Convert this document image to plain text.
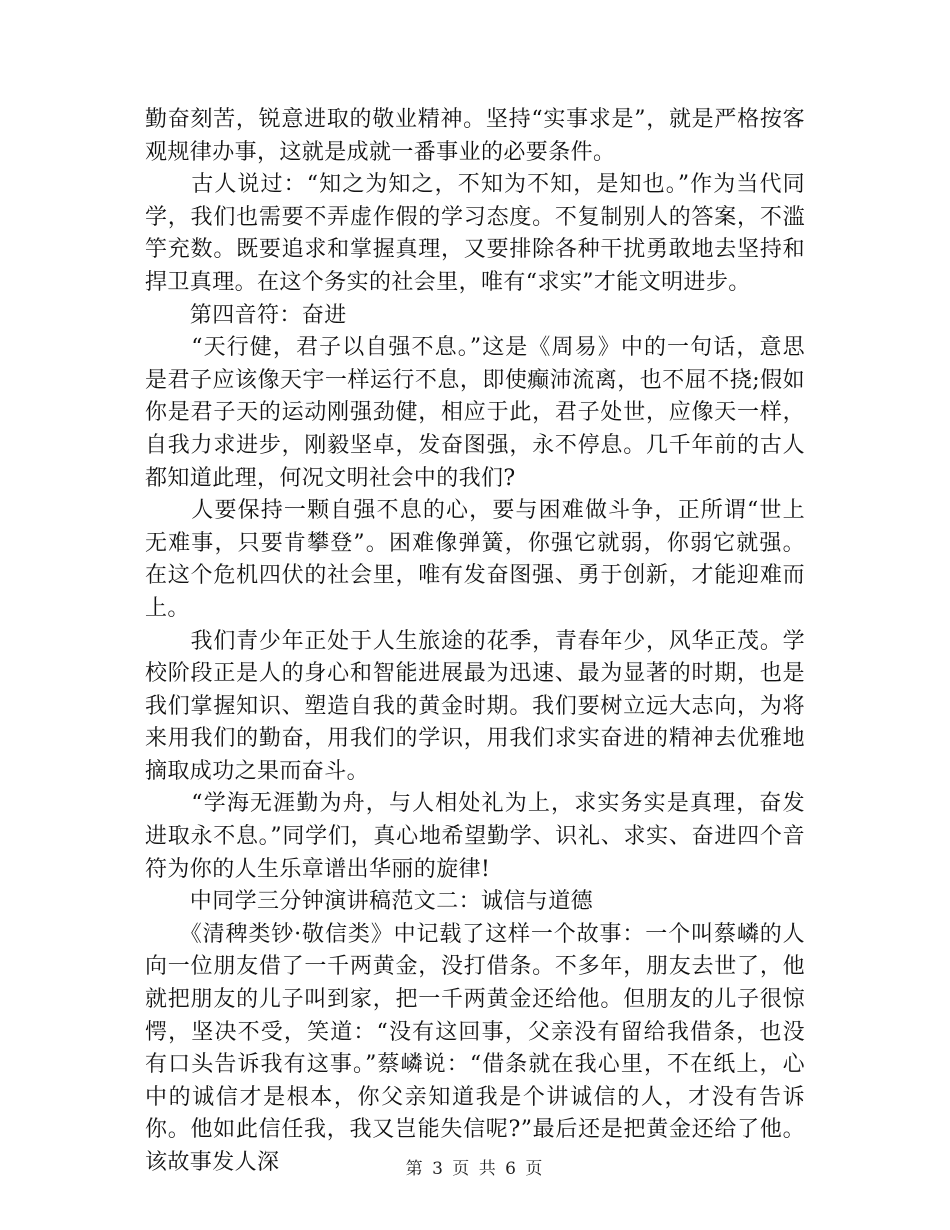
勤奋刻苦，锐意进取的敬业精神。坚持“实事求是”，就是严格按客观规律办事，这就是成就一番事业的必要条件。

　　古人说过：“知之为知之，不知为不知，是知也。”作为当代同学，我们也需要不弄虚作假的学习态度。不复制别人的答案，不滥竽充数。既要追求和掌握真理，又要排除各种干扰勇敢地去坚持和捍卫真理。在这个务实的社会里，唯有“求实”才能文明进步。

　　第四音符：奋进

　　“天行健，君子以自强不息。”这是《周易》中的一句话，意思是君子应该像天宇一样运行不息，即使癫沛流离，也不屈不挠;假如你是君子天的运动刚强劲健，相应于此，君子处世，应像天一样，自我力求进步，刚毅坚卓，发奋图强，永不停息。几千年前的古人都知道此理，何况文明社会中的我们?

　　人要保持一颗自强不息的心，要与困难做斗争，正所谓“世上无难事，只要肯攀登”。困难像弹簧，你强它就弱，你弱它就强。在这个危机四伏的社会里，唯有发奋图强、勇于创新，才能迎难而上。

　　我们青少年正处于人生旅途的花季，青春年少，风华正茂。学校阶段正是人的身心和智能进展最为迅速、最为显著的时期，也是我们掌握知识、塑造自我的黄金时期。我们要树立远大志向，为将来用我们的勤奋，用我们的学识，用我们求实奋进的精神去优雅地摘取成功之果而奋斗。

　　“学海无涯勤为舟，与人相处礼为上，求实务实是真理，奋发进取永不息。”同学们，真心地希望勤学、识礼、求实、奋进四个音符为你的人生乐章谱出华丽的旋律!

　　中同学三分钟演讲稿范文二：诚信与道德

　　《清稗类钞·敬信类》中记载了这样一个故事：一个叫蔡嶙的人向一位朋友借了一千两黄金，没打借条。不多年，朋友去世了，他就把朋友的儿子叫到家，把一千两黄金还给他。但朋友的儿子很惊愕，坚决不受，笑道：“没有这回事，父亲没有留给我借条，也没有口头告诉我有这事。”蔡嶙说：“借条就在我心里，不在纸上，心中的诚信才是根本，你父亲知道我是个讲诚信的人，才没有告诉你。他如此信任我，我又岂能失信呢?”最后还是把黄金还给了他。该故事发人深	第 3 页 共 6 页
